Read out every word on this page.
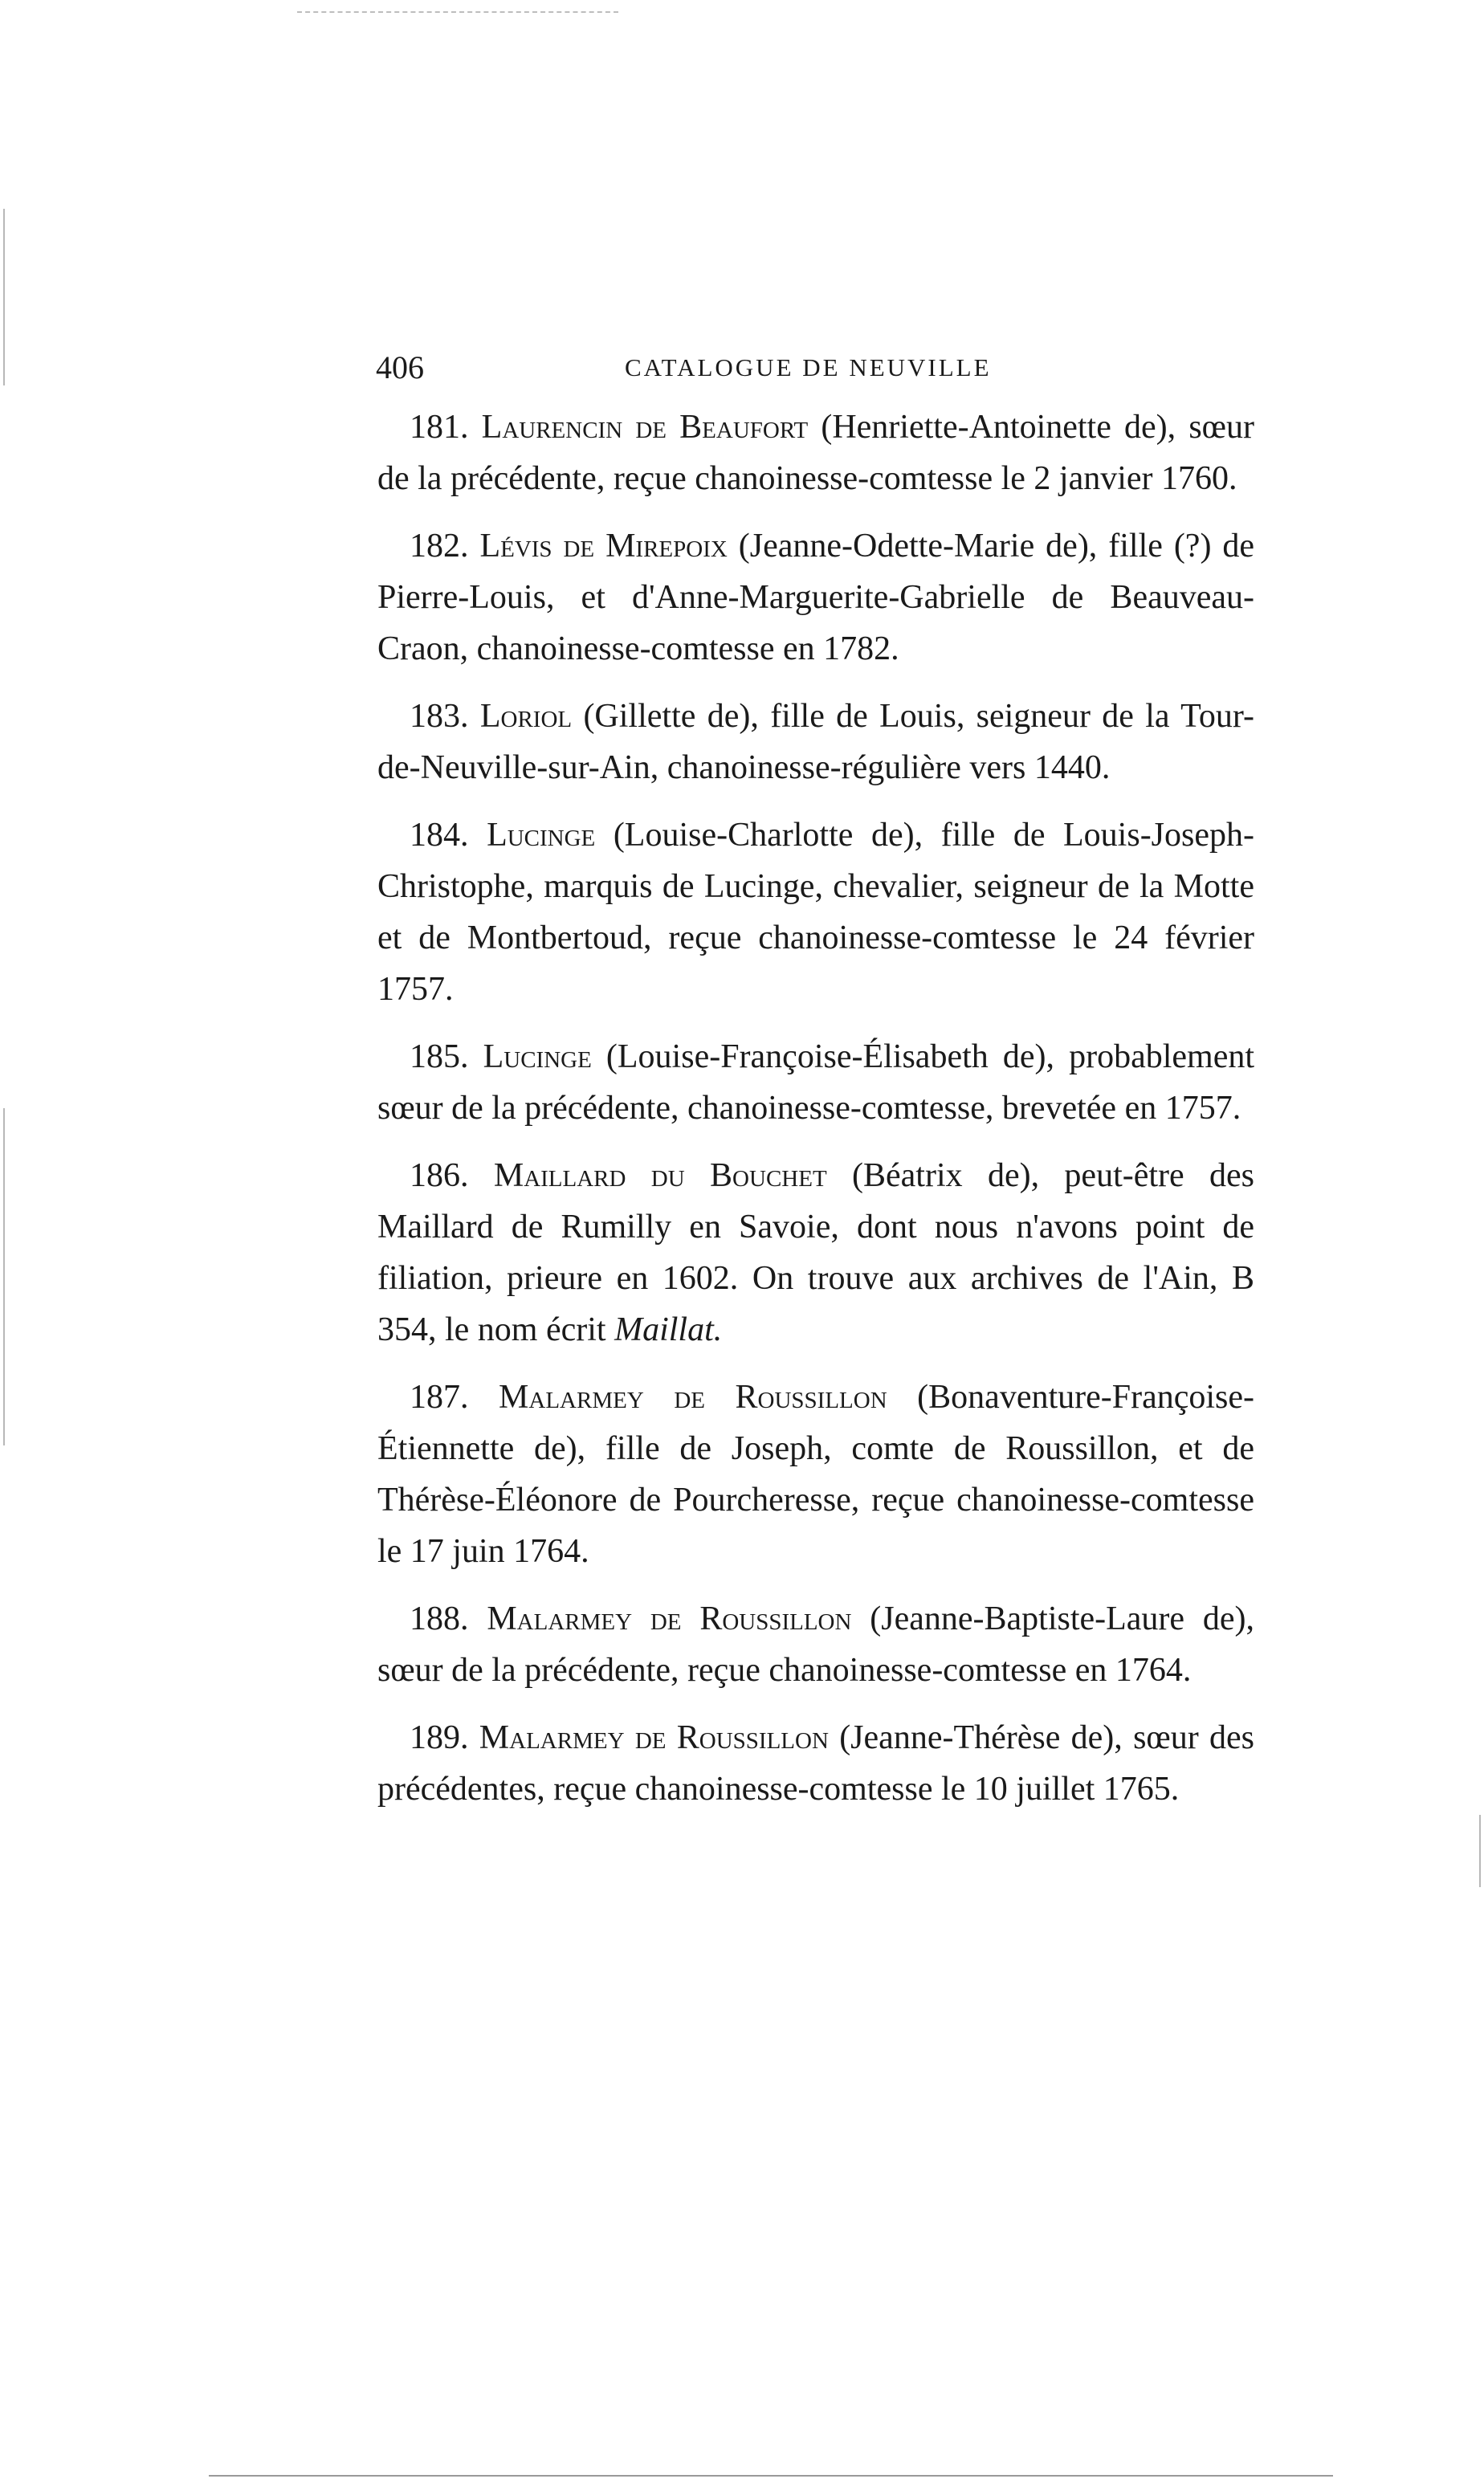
406	CATALOGUE DE NEUVILLE

181. Laurencin de Beaufort (Henriette-Antoinette de), sœur de la précédente, reçue chanoinesse-comtesse le 2 janvier 1760.

182. Lévis de Mirepoix (Jeanne-Odette-Marie de), fille (?) de Pierre-Louis, et d'Anne-Marguerite-Gabrielle de Beauveau-Craon, chanoinesse-comtesse en 1782.

183. Loriol (Gillette de), fille de Louis, seigneur de la Tour-de-Neuville-sur-Ain, chanoinesse-régulière vers 1440.

184. Lucinge (Louise-Charlotte de), fille de Louis-Joseph-Christophe, marquis de Lucinge, chevalier, seigneur de la Motte et de Montbertoud, reçue chanoinesse-comtesse le 24 février 1757.

185. Lucinge (Louise-Françoise-Élisabeth de), probablement sœur de la précédente, chanoinesse-comtesse, brevetée en 1757.

186. Maillard du Bouchet (Béatrix de), peut-être des Maillard de Rumilly en Savoie, dont nous n'avons point de filiation, prieure en 1602. On trouve aux archives de l'Ain, B 354, le nom écrit Maillat.

187. Malarmey de Roussillon (Bonaventure-Françoise-Étiennette de), fille de Joseph, comte de Roussillon, et de Thérèse-Éléonore de Pourcheresse, reçue chanoinesse-comtesse le 17 juin 1764.

188. Malarmey de Roussillon (Jeanne-Baptiste-Laure de), sœur de la précédente, reçue chanoinesse-comtesse en 1764.

189. Malarmey de Roussillon (Jeanne-Thérèse de), sœur des précédentes, reçue chanoinesse-comtesse le 10 juillet 1765.
